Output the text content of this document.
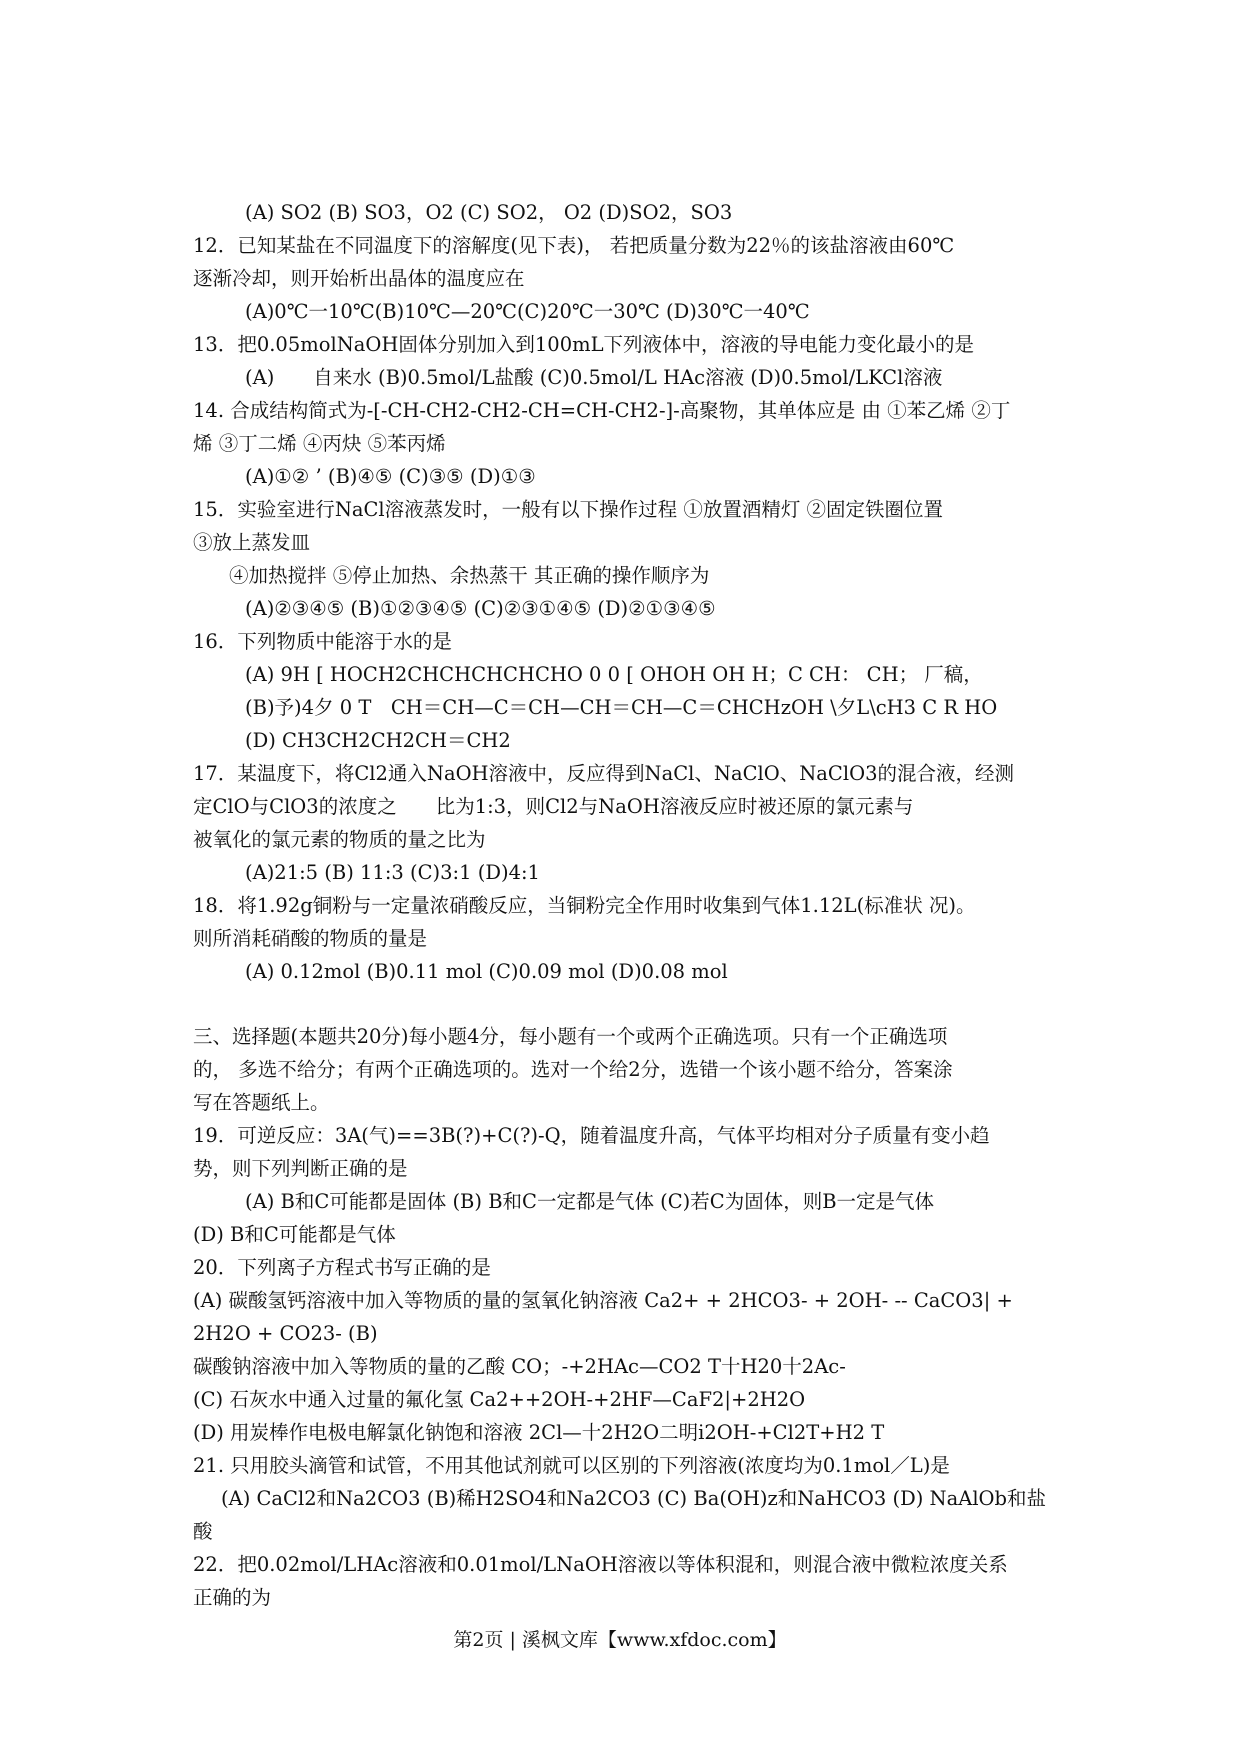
(A) SO2 (B) SO3，O2 (C) SO2， O2 (D)SO2，SO3

12．已知某盐在不同温度下的溶解度(见下表)， 若把质量分数为22％的该盐溶液由60℃

逐渐冷却，则开始析出晶体的温度应在

(A)0℃一10℃(B)10℃—20℃(C)20℃一30℃ (D)30℃一40℃

13．把0.05molNaOH固体分别加入到100mL下列液体中，溶液的导电能力变化最小的是

(A)　　自来水 (B)0.5mol/L盐酸 (C)0.5mol/L HAc溶液 (D)0.5mol/LKCl溶液

14. 合成结构简式为-[-CH-CH2-CH2-CH=CH-CH2-]-高聚物，其单体应是 由 ①苯乙烯 ②丁

烯 ③丁二烯 ④丙炔 ⑤苯丙烯

(A)①② ’ (B)④⑤ (C)③⑤ (D)①③

15．实验室进行NaCl溶液蒸发时，一般有以下操作过程 ①放置酒精灯 ②固定铁圈位置

③放上蒸发皿

④加热搅拌 ⑤停止加热、余热蒸干 其正确的操作顺序为

(A)②③④⑤ (B)①②③④⑤ (C)②③①④⑤ (D)②①③④⑤

16．下列物质中能溶于水的是

(A) 9H [ HOCH2CHCHCHCHCHO 0 0 [ OHOH OH H；C CH： CH； 厂稿，

(B)予)4夕 0 T　CH＝CH—C＝CH—CH＝CH—C＝CHCHzOH \夕L\cH3 C R HO

(D) CH3CH2CH2CH＝CH2

17．某温度下，将Cl2通入NaOH溶液中，反应得到NaCl、NaClO、NaClO3的混合液，经测

定ClO与ClO3的浓度之　　比为1:3，则Cl2与NaOH溶液反应时被还原的氯元素与

被氧化的氯元素的物质的量之比为

(A)21:5 (B) 11:3 (C)3:1 (D)4:1

18．将1.92g铜粉与一定量浓硝酸反应，当铜粉完全作用时收集到气体1.12L(标准状 况)。

则所消耗硝酸的物质的量是

(A) 0.12mol (B)0.11 mol (C)0.09 mol (D)0.08 mol

三、选择题(本题共20分)每小题4分，每小题有一个或两个正确选项。只有一个正确选项

的， 多选不给分；有两个正确选项的。选对一个给2分，选错一个该小题不给分，答案涂

写在答题纸上。

19．可逆反应：3A(气)==3B(?)+C(?)-Q，随着温度升高，气体平均相对分子质量有变小趋

势，则下列判断正确的是

(A) B和C可能都是固体 (B) B和C一定都是气体 (C)若C为固体，则B一定是气体

(D) B和C可能都是气体

20．下列离子方程式书写正确的是

(A) 碳酸氢钙溶液中加入等物质的量的氢氧化钠溶液 Ca2+ + 2HCO3- + 2OH- -- CaCO3| +

2H2O + CO23- (B)

碳酸钠溶液中加入等物质的量的乙酸 CO；-+2HAc—CO2 T十H20十2Ac-

(C) 石灰水中通入过量的氟化氢 Ca2++2OH-+2HF—CaF2|+2H2O

(D) 用炭棒作电极电解氯化钠饱和溶液 2Cl—十2H2O二明i2OH-+Cl2T+H2 T

21. 只用胶头滴管和试管，不用其他试剂就可以区别的下列溶液(浓度均为0.1mol／L)是

(A) CaCl2和Na2CO3 (B)稀H2SO4和Na2CO3 (C) Ba(OH)z和NaHCO3 (D) NaAlOb和盐

酸

22．把0.02mol/LHAc溶液和0.01mol/LNaOH溶液以等体积混和，则混合液中微粒浓度关系

正确的为

第2页 | 溪枫文库【www.xfdoc.com】
